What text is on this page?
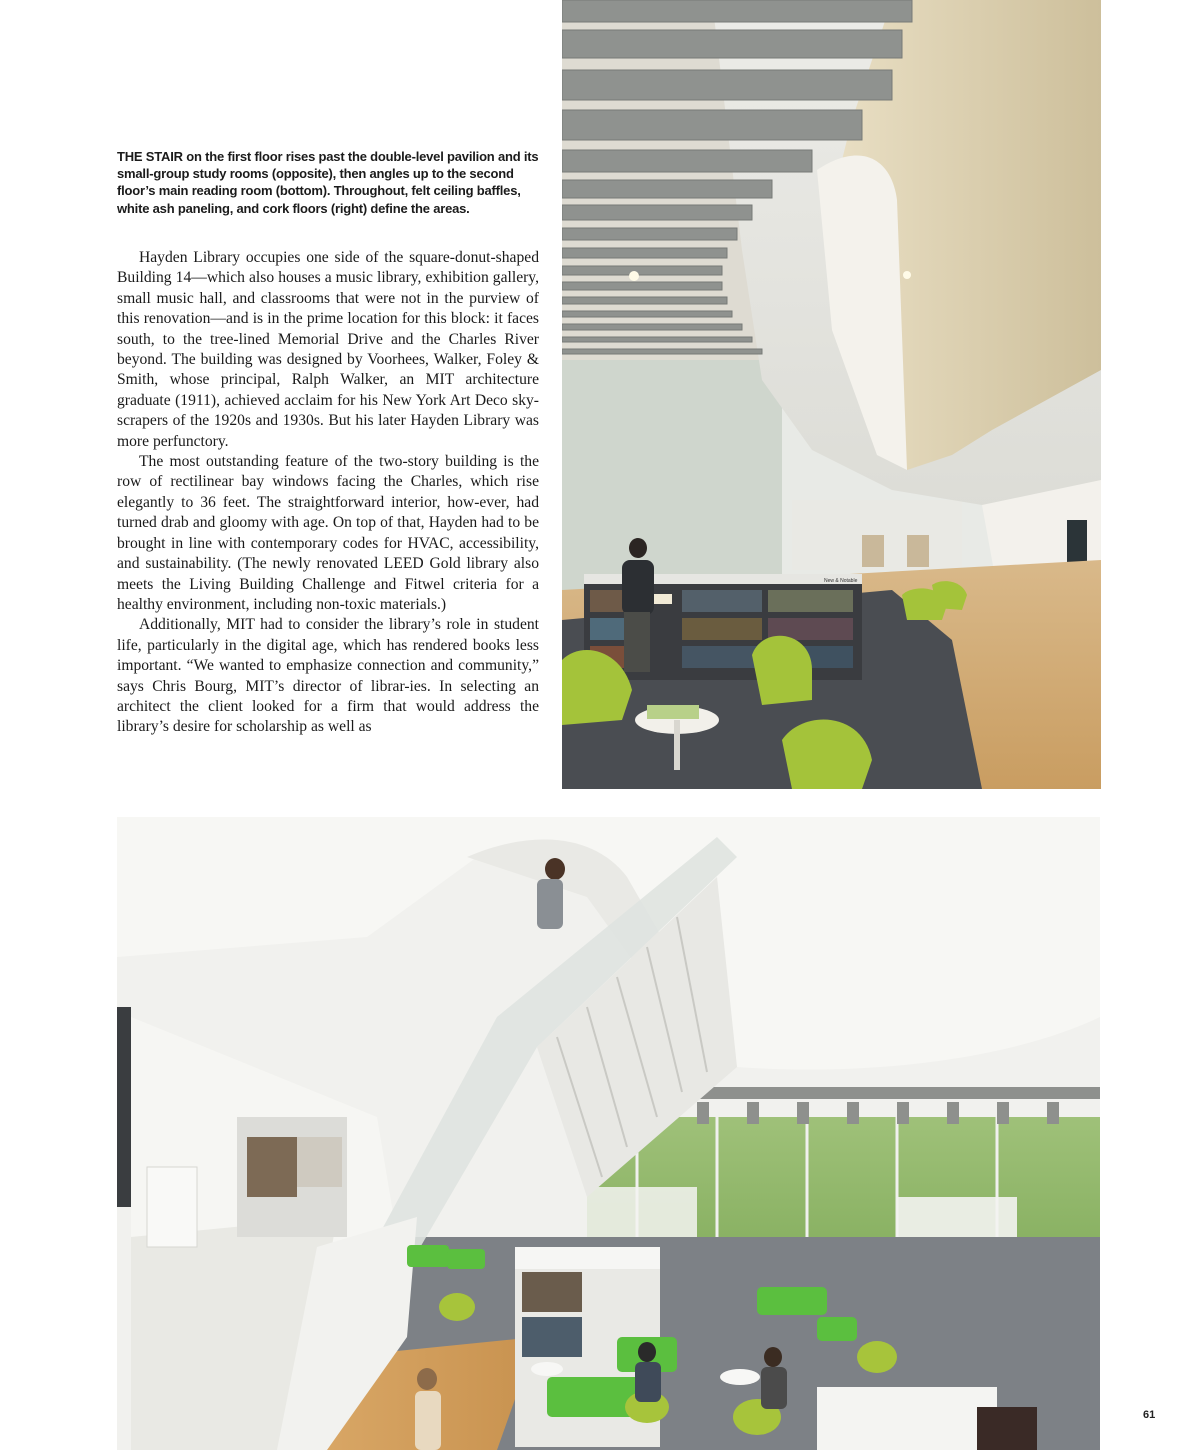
THE STAIR on the first floor rises past the double-level pavilion and its small-group study rooms (opposite), then angles up to the second floor’s main reading room (bottom). Throughout, felt ceiling baffles, white ash paneling, and cork floors (right) define the areas.

Hayden Library occupies one side of the square-donut-shaped Building 14—which also houses a music library, exhibition gallery, small music hall, and classrooms that were not in the purview of this renovation—and is in the prime location for this block: it faces south, to the tree-lined Memorial Drive and the Charles River beyond. The building was designed by Voorhees, Walker, Foley & Smith, whose principal, Ralph Walker, an MIT architecture graduate (1911), achieved acclaim for his New York Art Deco sky-scrapers of the 1920s and 1930s. But his later Hayden Library was more perfunctory.

The most outstanding feature of the two-story building is the row of rectilinear bay windows facing the Charles, which rise elegantly to 36 feet. The straightforward interior, how-ever, had turned drab and gloomy with age. On top of that, Hayden had to be brought in line with contemporary codes for HVAC, accessibility, and sustainability. (The newly renovated LEED Gold library also meets the Living Building Challenge and Fitwel criteria for a healthy environment, including non-toxic materials.)

Additionally, MIT had to consider the library’s role in student life, particularly in the digital age, which has rendered books less important. “We wanted to emphasize connection and community,” says Chris Bourg, MIT’s director of librar-ies. In selecting an architect the client looked for a firm that would address the library’s desire for scholarship as well as

New & Notable
61
